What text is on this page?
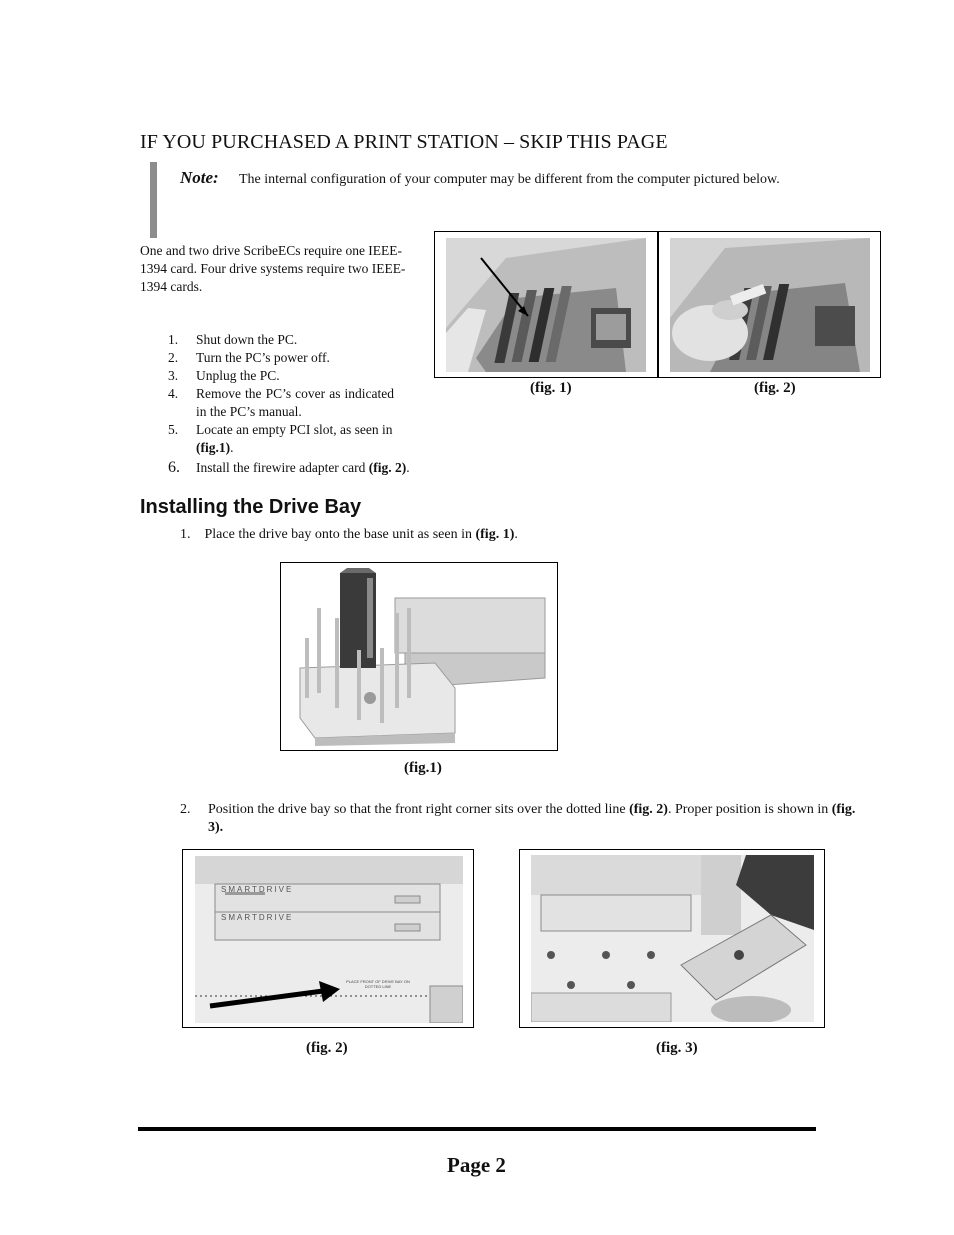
IF YOU PURCHASED A PRINT STATION – SKIP THIS PAGE
Note: The internal configuration of your computer may be different from the computer pictured below.
One and two drive ScribeECs require one IEEE-1394 card. Four drive systems require two IEEE-1394 cards.
1.	Shut down the PC.
2.	Turn the PC’s power off.
3.	Unplug the PC.
4.	Remove the PC’s cover as indicated in the PC’s manual.
5.	Locate an empty PCI slot, as seen in (fig.1).
6.	Install the firewire adapter card (fig. 2).
(fig. 1)	(fig. 2)
Installing the Drive Bay
1. Place the drive bay onto the base unit as seen in (fig. 1).
(fig.1)
2.	Position the drive bay so that the front right corner sits over the dotted line (fig. 2). Proper position is shown in (fig. 3).
SMARTDRIVE
SMARTDRIVE
PLACE FRONT OF DRIVE BAY ON DOTTED LINE
(fig. 2)	(fig. 3)
Page 2
